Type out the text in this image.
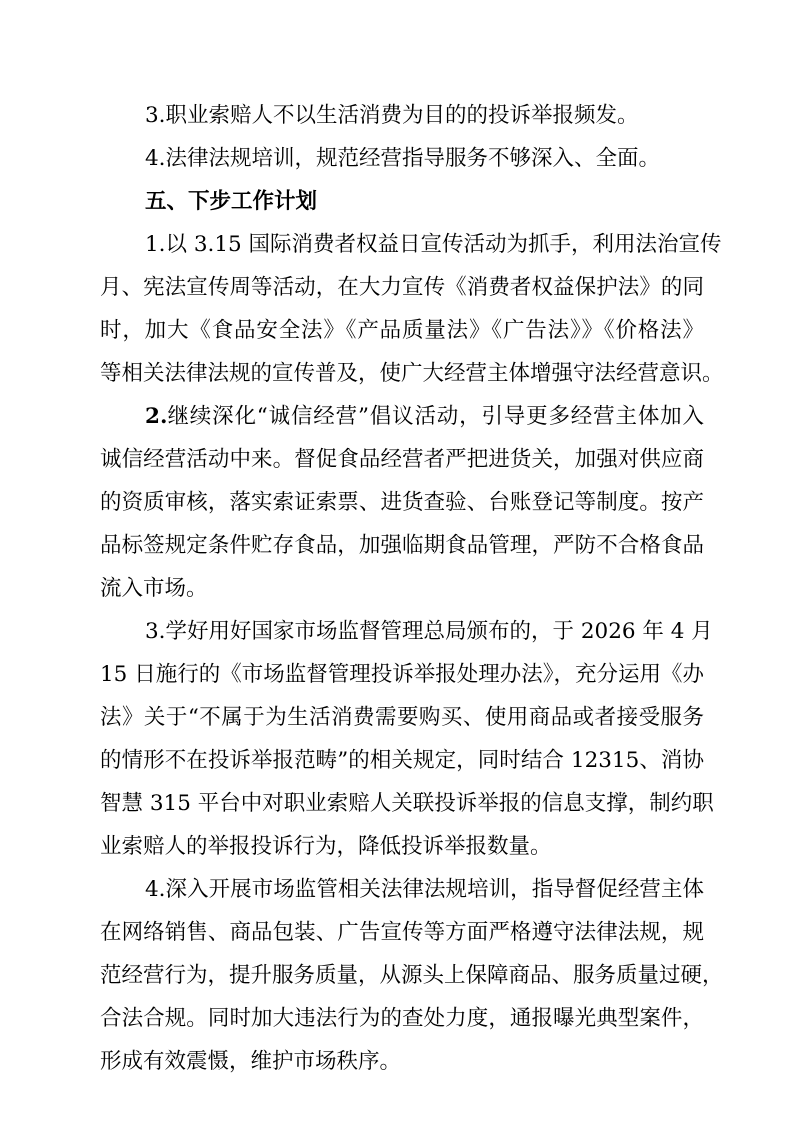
3.职业索赔人不以生活消费为目的的投诉举报频发。
4.法律法规培训，规范经营指导服务不够深入、全面。
五、下步工作计划
1.以 3.15 国际消费者权益日宣传活动为抓手，利用法治宣传
月、宪法宣传周等活动，在大力宣传《消费者权益保护法》的同
时，加大《食品安全法》《产品质量法》《广告法》》《价格法》
等相关法律法规的宣传普及，使广大经营主体增强守法经营意识。
2. 继续深化“诚信经营”倡议活动，引导更多经营主体加入
诚信经营活动中来。督促食品经营者严把进货关，加强对供应商
的资质审核，落实索证索票、进货查验、台账登记等制度。按产
品标签规定条件贮存食品，加强临期食品管理，严防不合格食品
流入市场。
3.学好用好国家市场监督管理总局颁布的，于 2026 年 4 月
15 日施行的《市场监督管理投诉举报处理办法》，充分运用《办
法》关于“不属于为生活消费需要购买、使用商品或者接受服务
的情形不在投诉举报范畴”的相关规定，同时结合 12315、消协
智慧 315 平台中对职业索赔人关联投诉举报的信息支撑，制约职
业索赔人的举报投诉行为，降低投诉举报数量。
4.深入开展市场监管相关法律法规培训，指导督促经营主体
在网络销售、商品包装、广告宣传等方面严格遵守法律法规，规
范经营行为，提升服务质量，从源头上保障商品、服务质量过硬，
合法合规。同时加大违法行为的查处力度，通报曝光典型案件，
形成有效震慑，维护市场秩序。
